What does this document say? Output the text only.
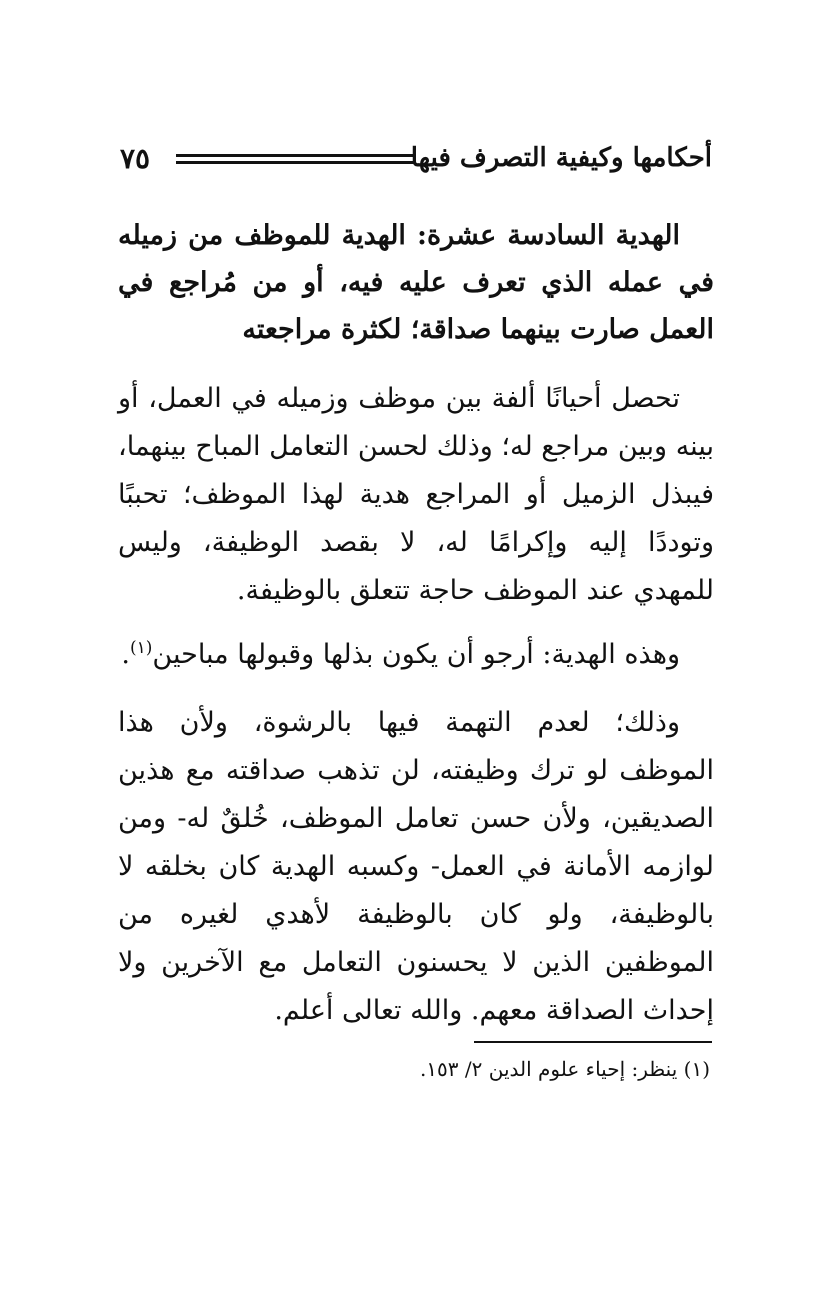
٧٥	أحكامها وكيفية التصرف فيها

الهدية السادسة عشرة: الهدية للموظف من زميله في عمله الذي تعرف عليه فيه، أو من مُراجع في العمل صارت بينهما صداقة؛ لكثرة مراجعته

تحصل أحيانًا ألفة بين موظف وزميله في العمل، أو بينه وبين مراجع له؛ وذلك لحسن التعامل المباح بينهما، فيبذل الزميل أو المراجع هدية لهذا الموظف؛ تحببًا وتوددًا إليه وإكرامًا له، لا بقصد الوظيفة، وليس للمهدي عند الموظف حاجة تتعلق بالوظيفة.

وهذه الهدية: أرجو أن يكون بذلها وقبولها مباحين$^{(١)}$.

وذلك؛ لعدم التهمة فيها بالرشوة، ولأن هذا الموظف لو ترك وظيفته، لن تذهب صداقته مع هذين الصديقين، ولأن حسن تعامل الموظف، خُلقٌ له- ومن لوازمه الأمانة في العمل- وكسبه الهدية كان بخلقه لا بالوظيفة، ولو كان بالوظيفة لأهدي لغيره من الموظفين الذين لا يحسنون التعامل مع الآخرين ولا إحداث الصداقة معهم. والله تعالى أعلم.

(١) ينظر: إحياء علوم الدين ٢/ ١٥٣.
